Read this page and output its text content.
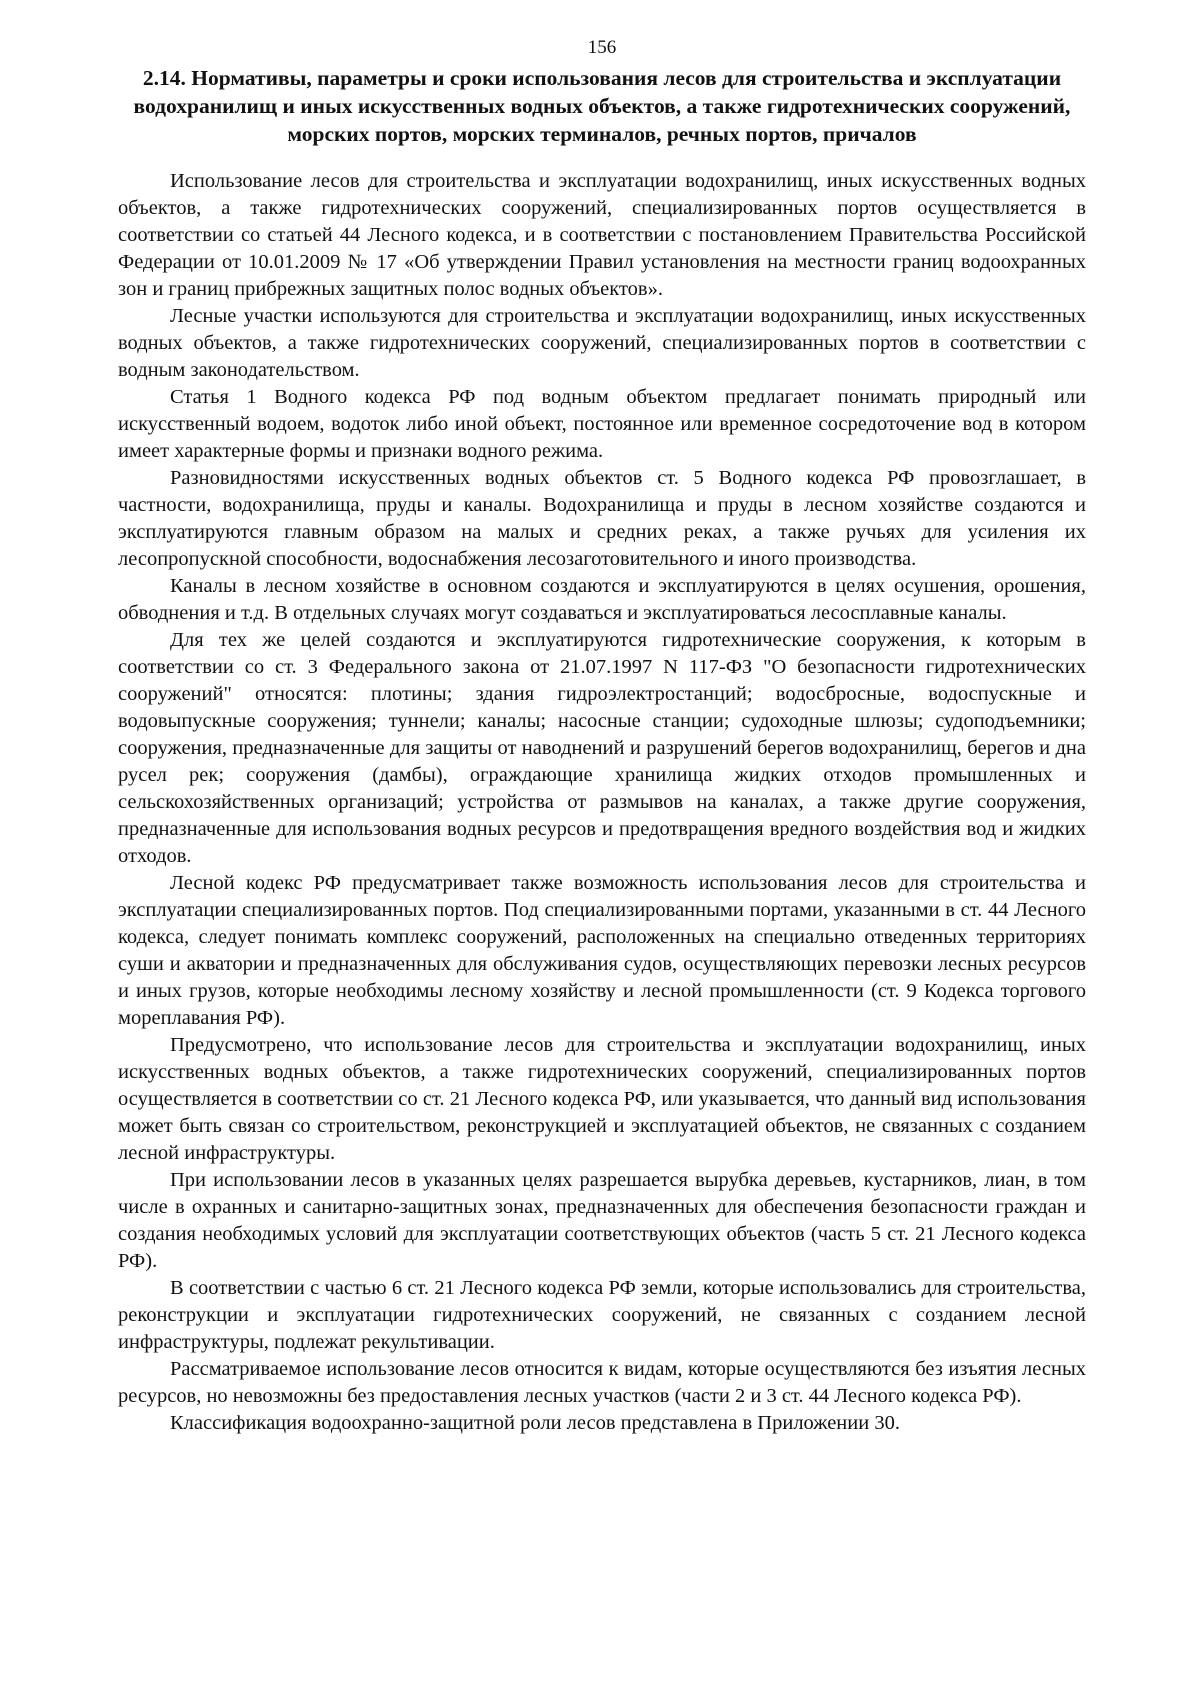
156
2.14. Нормативы, параметры и сроки использования лесов для строительства и эксплуатации водохранилищ и иных искусственных водных объектов, а также гидротехнических сооружений, морских портов, морских терминалов, речных портов, причалов

Использование лесов для строительства и эксплуатации водохранилищ, иных искусственных водных объектов, а также гидротехнических сооружений, специализированных портов осуществляется в соответствии со статьей 44 Лесного кодекса, и в соответствии с постановлением Правительства Российской Федерации от 10.01.2009 № 17 «Об утверждении Правил установления на местности границ водоохранных зон и границ прибрежных защитных полос водных объектов».

Лесные участки используются для строительства и эксплуатации водохранилищ, иных искусственных водных объектов, а также гидротехнических сооружений, специализированных портов в соответствии с водным законодательством.

Статья 1 Водного кодекса РФ под водным объектом предлагает понимать природный или искусственный водоем, водоток либо иной объект, постоянное или временное сосредоточение вод в котором имеет характерные формы и признаки водного режима.

Разновидностями искусственных водных объектов ст. 5 Водного кодекса РФ провозглашает, в частности, водохранилища, пруды и каналы. Водохранилища и пруды в лесном хозяйстве создаются и эксплуатируются главным образом на малых и средних реках, а также ручьях для усиления их лесопропускной способности, водоснабжения лесозаготовительного и иного производства.

Каналы в лесном хозяйстве в основном создаются и эксплуатируются в целях осушения, орошения, обводнения и т.д. В отдельных случаях могут создаваться и эксплуатироваться лесосплавные каналы.

Для тех же целей создаются и эксплуатируются гидротехнические сооружения, к которым в соответствии со ст. 3 Федерального закона от 21.07.1997 N 117-ФЗ "О безопасности гидротехнических сооружений" относятся: плотины; здания гидроэлектростанций; водосбросные, водоспускные и водовыпускные сооружения; туннели; каналы; насосные станции; судоходные шлюзы; судоподъемники; сооружения, предназначенные для защиты от наводнений и разрушений берегов водохранилищ, берегов и дна русел рек; сооружения (дамбы), ограждающие хранилища жидких отходов промышленных и сельскохозяйственных организаций; устройства от размывов на каналах, а также другие сооружения, предназначенные для использования водных ресурсов и предотвращения вредного воздействия вод и жидких отходов.

Лесной кодекс РФ предусматривает также возможность использования лесов для строительства и эксплуатации специализированных портов. Под специализированными портами, указанными в ст. 44 Лесного кодекса, следует понимать комплекс сооружений, расположенных на специально отведенных территориях суши и акватории и предназначенных для обслуживания судов, осуществляющих перевозки лесных ресурсов и иных грузов, которые необходимы лесному хозяйству и лесной промышленности (ст. 9 Кодекса торгового мореплавания РФ).

Предусмотрено, что использование лесов для строительства и эксплуатации водохранилищ, иных искусственных водных объектов, а также гидротехнических сооружений, специализированных портов осуществляется в соответствии со ст. 21 Лесного кодекса РФ, или указывается, что данный вид использования может быть связан со строительством, реконструкцией и эксплуатацией объектов, не связанных с созданием лесной инфраструктуры.

При использовании лесов в указанных целях разрешается вырубка деревьев, кустарников, лиан, в том числе в охранных и санитарно-защитных зонах, предназначенных для обеспечения безопасности граждан и создания необходимых условий для эксплуатации соответствующих объектов (часть 5 ст. 21 Лесного кодекса РФ).

В соответствии с частью 6 ст. 21 Лесного кодекса РФ земли, которые использовались для строительства, реконструкции и эксплуатации гидротехнических сооружений, не связанных с созданием лесной инфраструктуры, подлежат рекультивации.

Рассматриваемое использование лесов относится к видам, которые осуществляются без изъятия лесных ресурсов, но невозможны без предоставления лесных участков (части 2 и 3 ст. 44 Лесного кодекса РФ).

Классификация водоохранно-защитной роли лесов представлена в Приложении 30.
